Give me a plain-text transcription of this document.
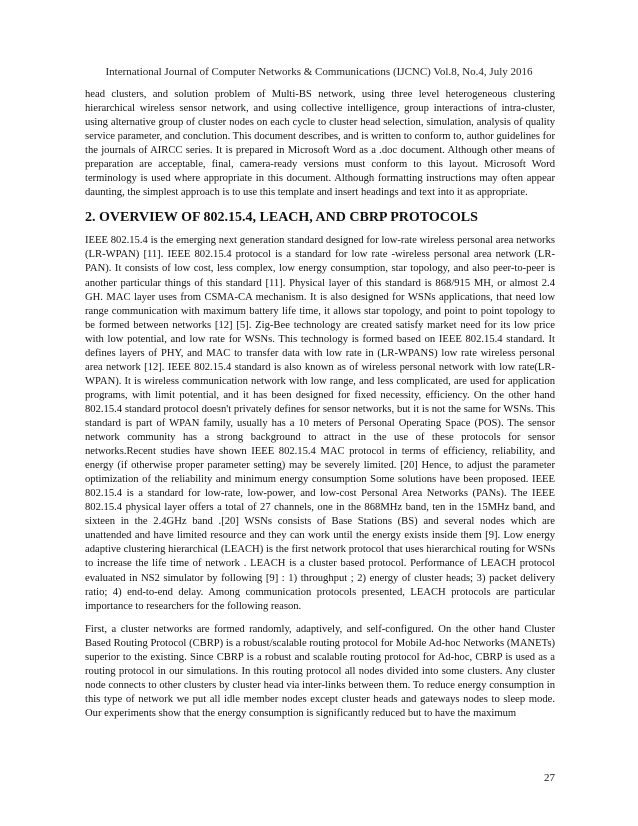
International Journal of Computer Networks & Communications (IJCNC) Vol.8, No.4, July 2016

head clusters, and solution problem of Multi-BS network, using three level heterogeneous clustering hierarchical wireless sensor network, and using collective intelligence, group interactions of intra-cluster, using alternative group of cluster nodes on each cycle to cluster head selection, simulation, analysis of quality service parameter, and conclution. This document describes, and is written to conform to, author guidelines for the journals of AIRCC series. It is prepared in Microsoft Word as a .doc document. Although other means of preparation are acceptable, final, camera-ready versions must conform to this layout. Microsoft Word terminology is used where appropriate in this document. Although formatting instructions may often appear daunting, the simplest approach is to use this template and insert headings and text into it as appropriate.

2. OVERVIEW OF 802.15.4, LEACH, AND CBRP PROTOCOLS

IEEE 802.15.4 is the emerging next generation standard designed for low-rate wireless personal area networks (LR-WPAN) [11]. IEEE 802.15.4 protocol is a standard for low rate -wireless personal area network (LR-PAN). It consists of low cost, less complex, low energy consumption, star topology, and also peer-to-peer is another particular things of this standard [11]. Physical layer of this standard is 868/915 MH, or almost 2.4 GH. MAC layer uses from CSMA-CA mechanism. It is also designed for WSNs applications, that need low range communication with maximum battery life time, it allows star topology, and point to point topology to be formed between networks [12] [5]. Zig-Bee technology are created satisfy market need for its low price with low potential, and low rate for WSNs. This technology is formed based on IEEE 802.15.4 standard. It defines layers of PHY, and MAC to transfer data with low rate in (LR-WPANS) low rate wireless personal area network [12]. IEEE 802.15.4 standard is also known as of wireless personal network with low rate(LR-WPAN). It is wireless communication network with low range, and less complicated, are used for application programs, with limit potential, and it has been designed for fixed necessity, efficiency. On the other hand 802.15.4 standard protocol doesn't privately defines for sensor networks, but it is not the same for WSNs. This standard is part of WPAN family, usually has a 10 meters of Personal Operating Space (POS). The sensor network community has a strong background to attract in the use of these protocols for sensor networks.Recent studies have shown IEEE 802.15.4 MAC protocol in terms of efficiency, reliability, and energy (if otherwise proper parameter setting) may be severely limited. [20] Hence, to adjust the parameter optimization of the reliability and minimum energy consumption Some solutions have been proposed. IEEE 802.15.4 is a standard for low-rate, low-power, and low-cost Personal Area Networks (PANs). The IEEE 802.15.4 physical layer offers a total of 27 channels, one in the 868MHz band, ten in the 15MHz band, and sixteen in the 2.4GHz band .[20] WSNs consists of Base Stations (BS) and several nodes which are unattended and have limited resource and they can work until the energy exists inside them [9]. Low energy adaptive clustering hierarchical (LEACH) is the first network protocol that uses hierarchical routing for WSNs to increase the life time of network . LEACH is a cluster based protocol. Performance of LEACH protocol evaluated in NS2 simulator by following [9] : 1) throughput ; 2) energy of cluster heads; 3) packet delivery ratio; 4) end-to-end delay. Among communication protocols presented, LEACH protocols are particular importance to researchers for the following reason.

First, a cluster networks are formed randomly, adaptively, and self-configured. On the other hand Cluster Based Routing Protocol (CBRP) is a robust/scalable routing protocol for Mobile Ad-hoc Networks (MANETs) superior to the existing. Since CBRP is a robust and scalable routing protocol for Ad-hoc, CBRP is used as a routing protocol in our simulations. In this routing protocol all nodes divided into some clusters. Any cluster node connects to other clusters by cluster head via inter-links between them. To reduce energy consumption in this type of network we put all idle member nodes except cluster heads and gateways nodes to sleep mode. Our experiments show that the energy consumption is significantly reduced but to have the maximum

27
